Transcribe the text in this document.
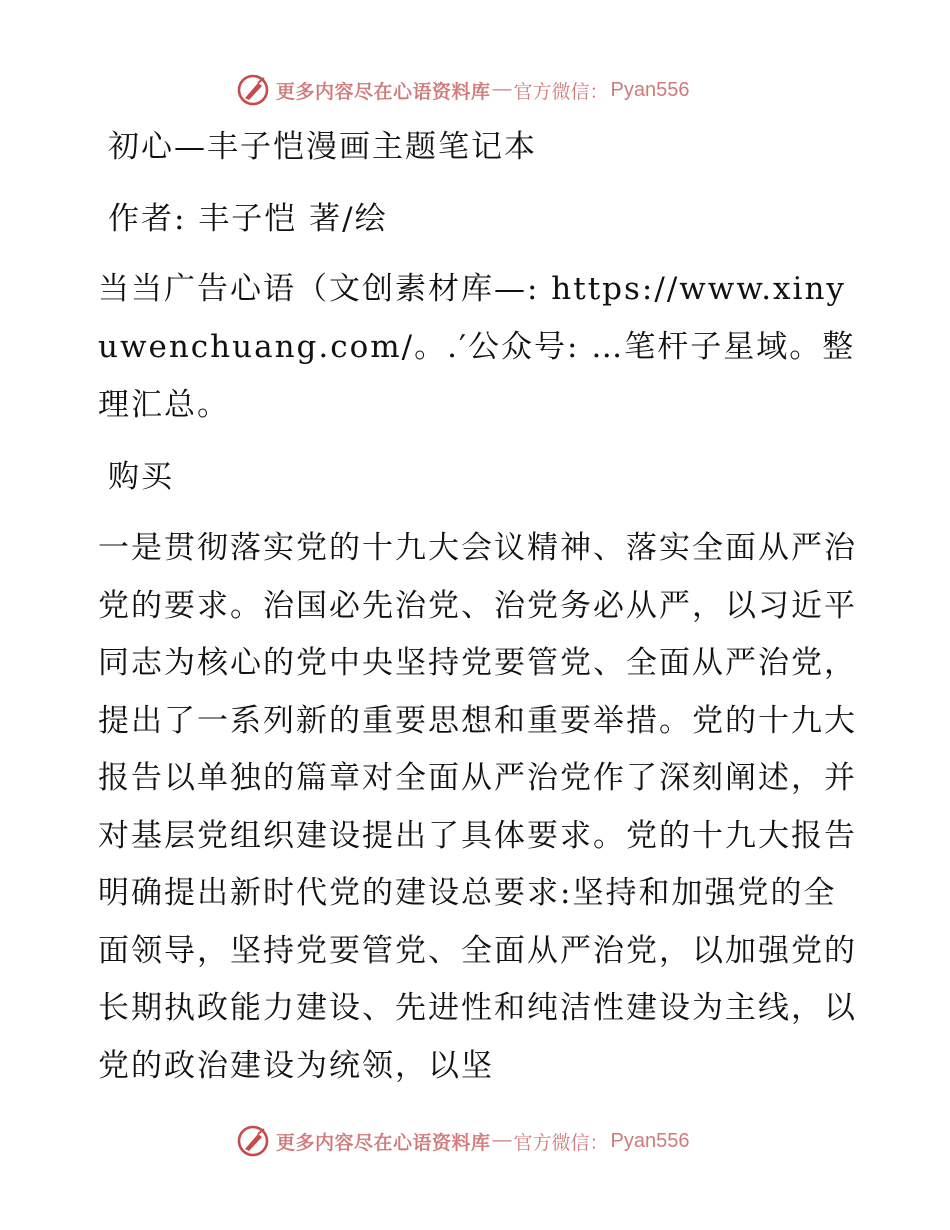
更多内容尽在心语资料库 — 官方微信： Pyan556

初心—丰子恺漫画主题笔记本

作者: 丰子恺 著/绘

当当广告心语（文创素材库—: https://www.xinyuwenchuang.com/。.′公众号: …笔杆子星域。整理汇总。

购买

一是贯彻落实党的十九大会议精神、落实全面从严治党的要求。治国必先治党、治党务必从严，以习近平同志为核心的党中央坚持党要管党、全面从严治党，提出了一系列新的重要思想和重要举措。党的十九大报告以单独的篇章对全面从严治党作了深刻阐述，并对基层党组织建设提出了具体要求。党的十九大报告明确提出新时代党的建设总要求:坚持和加强党的全面领导，坚持党要管党、全面从严治党，以加强党的长期执政能力建设、先进性和纯洁性建设为主线，以党的政治建设为统领，以坚

更多内容尽在心语资料库 — 官方微信： Pyan556
